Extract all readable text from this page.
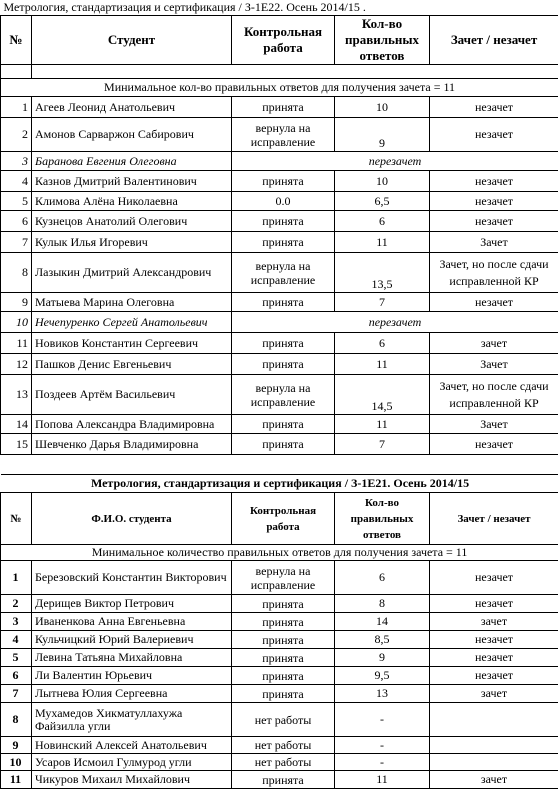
Метрология, стандартизация и сертификация / З-1Е22. Осень 2014/15 .				
№	Студент	Контрольная работа	Кол-во правильных ответов	Зачет / незачет

Минимальное кол-во правильных ответов для получения зачета = 11				
1	Агеев Леонид Анатольевич	принята	10	незачет
2	Амонов Сарваржон Сабирович	вернула на исправление	9	незачет
3	Баранова Евгения Олеговна	перезачет		
4	Казнов Дмитрий Валентинович	принята	10	незачет
5	Климова Алёна Николаевна	0.0	6,5	незачет
6	Кузнецов Анатолий Олегович	принята	6	незачет
7	Кулык Илья Игоревич	принята	11	Зачет
8	Лазыкин Дмитрий Александрович	вернула на исправление	13,5	Зачет, но после сдачи исправленной КР
9	Матыева Марина Олеговна	принята	7	незачет
10	Нечепуренко Сергей Анатольевич	перезачет		
11	Новиков Константин Сергеевич	принята	6	зачет
12	Пашков Денис Евгеньевич	принята	11	Зачет
13	Поздеев Артём Васильевич	вернула на исправление	14,5	Зачет, но после сдачи исправленной КР
14	Попова Александра Владимировна	принята	11	Зачет
15	Шевченко Дарья Владимировна	принята	7	незачет
Метрология, стандартизация и сертификация / З-1Е21. Осень 2014/15				
№	Ф.И.О. студента	Контрольная работа	Кол-во правильных ответов	Зачет / незачет
Минимальное количество правильных ответов для получения зачета = 11				
1	Березовский Константин Викторович	вернула на исправление	6	незачет
2	Дерищев Виктор Петрович	принята	8	незачет
3	Иваненкова Анна Евгеньевна	принята	14	зачет
4	Кульчицкий Юрий Валериевич	принята	8,5	незачет
5	Левина Татьяна Михайловна	принята	9	незачет
6	Ли Валентин Юрьевич	принята	9,5	незачет
7	Лытнева Юлия Сергеевна	принята	13	зачет
8	Мухамедов Хикматуллахужа Файзилла угли	нет работы	-	
9	Новинский Алексей Анатольевич	нет работы	-	
10	Усаров Исмоил Гулмурод угли	нет работы	-	
11	Чикуров Михаил Михайлович	принята	11	зачет
